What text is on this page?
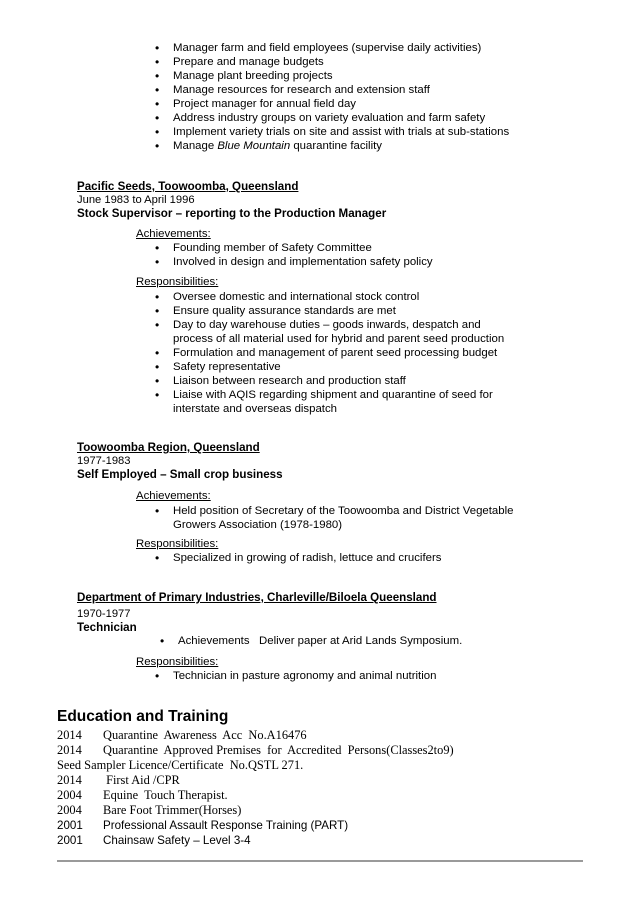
• Manager farm and field employees (supervise daily activities)
• Prepare and manage budgets
• Manage plant breeding projects
• Manage resources for research and extension staff
• Project manager for annual field day
• Address industry groups on variety evaluation and farm safety
• Implement variety trials on site and assist with trials at sub-stations
• Manage Blue Mountain quarantine facility
Pacific Seeds, Toowoomba, Queensland
June 1983 to April 1996
Stock Supervisor – reporting to the Production Manager
Achievements:
• Founding member of Safety Committee
• Involved in design and implementation safety policy
Responsibilities:
• Oversee domestic and international stock control
• Ensure quality assurance standards are met
• Day to day warehouse duties – goods inwards, despatch and process of all material used for hybrid and parent seed production
• Formulation and management of parent seed processing budget
• Safety representative
• Liaison between research and production staff
• Liaise with AQIS regarding shipment and quarantine of seed for interstate and overseas dispatch
Toowoomba Region, Queensland
1977-1983
Self Employed – Small crop business
Achievements:
• Held position of Secretary of the Toowoomba and District Vegetable Growers Association (1978-1980)
Responsibilities:
• Specialized in growing of radish, lettuce and crucifers
Department of Primary Industries, Charleville/Biloela Queensland
1970-1977
Technician
• Achievements   Deliver paper at Arid Lands Symposium.
Responsibilities:
• Technician in pasture agronomy and animal nutrition
Education and Training
2014 Quarantine  Awareness  Acc  No.A16476
2014 Quarantine  Approved Premises  for  Accredited  Persons(Classes2to9)
Seed Sampler Licence/Certificate  No.QSTL 271.
2014 First Aid /CPR
2004 Equine  Touch Therapist.
2004 Bare Foot Trimmer(Horses)
2001 Professional Assault Response Training (PART)
2001 Chainsaw Safety – Level 3-4
